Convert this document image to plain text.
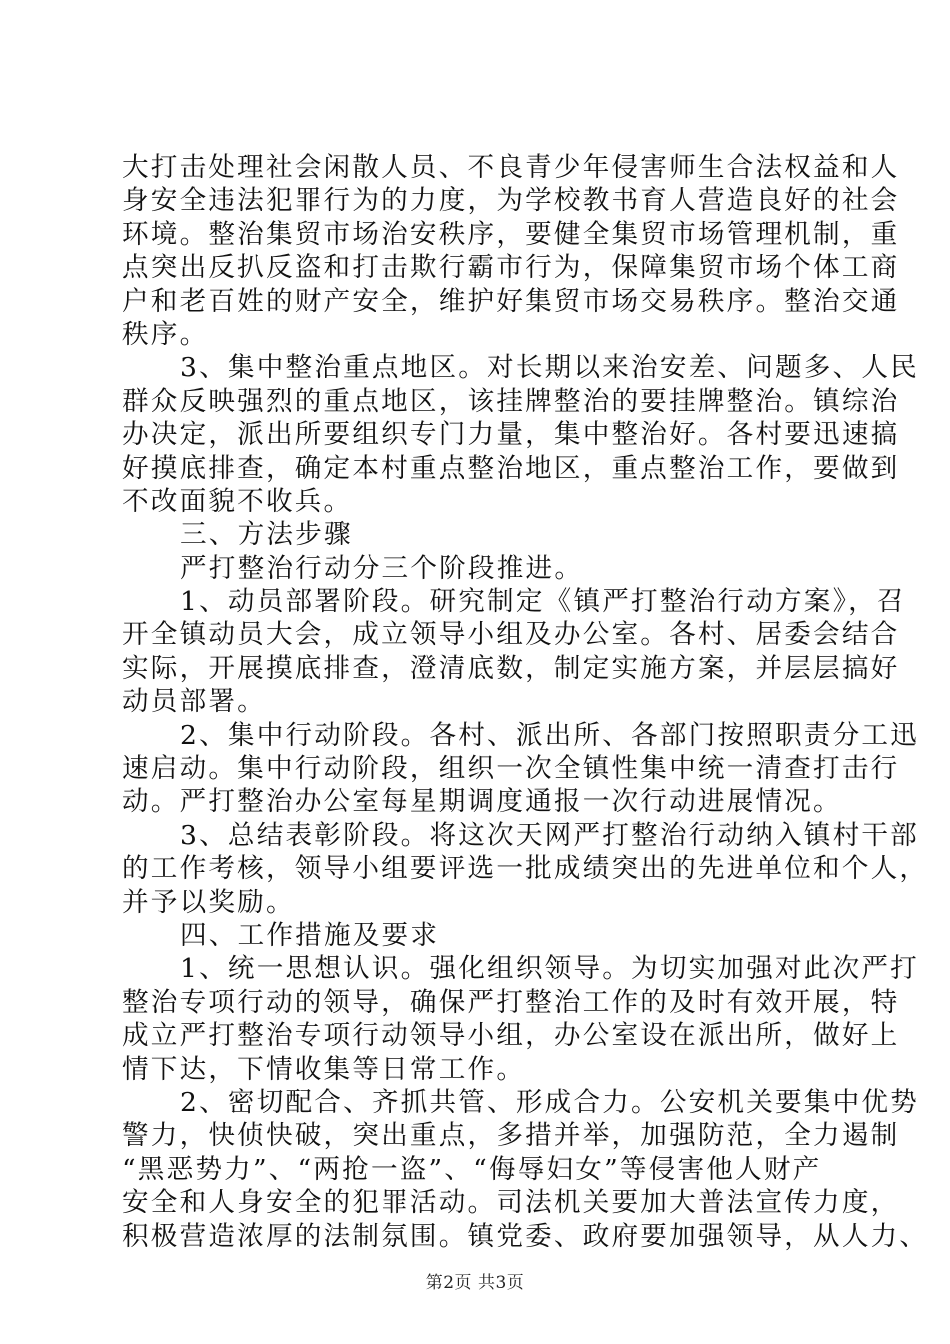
大打击处理社会闲散人员、不良青少年侵害师生合法权益和人
身安全违法犯罪行为的力度，为学校教书育人营造良好的社会
环境。整治集贸市场治安秩序，要健全集贸市场管理机制，重
点突出反扒反盗和打击欺行霸市行为，保障集贸市场个体工商
户和老百姓的财产安全，维护好集贸市场交易秩序。整治交通
秩序。
3、集中整治重点地区。对长期以来治安差、问题多、人民
群众反映强烈的重点地区，该挂牌整治的要挂牌整治。镇综治
办决定，派出所要组织专门力量，集中整治好。各村要迅速搞
好摸底排查，确定本村重点整治地区，重点整治工作，要做到
不改面貌不收兵。
三、方法步骤
严打整治行动分三个阶段推进。
1、动员部署阶段。研究制定《镇严打整治行动方案》，召
开全镇动员大会，成立领导小组及办公室。各村、居委会结合
实际，开展摸底排查，澄清底数，制定实施方案，并层层搞好
动员部署。
2、集中行动阶段。各村、派出所、各部门按照职责分工迅
速启动。集中行动阶段，组织一次全镇性集中统一清查打击行
动。严打整治办公室每星期调度通报一次行动进展情况。
3、总结表彰阶段。将这次天网严打整治行动纳入镇村干部
的工作考核，领导小组要评选一批成绩突出的先进单位和个人，
并予以奖励。
四、工作措施及要求
1、统一思想认识。强化组织领导。为切实加强对此次严打
整治专项行动的领导，确保严打整治工作的及时有效开展，特
成立严打整治专项行动领导小组，办公室设在派出所，做好上
情下达，下情收集等日常工作。
2、密切配合、齐抓共管、形成合力。公安机关要集中优势
警力，快侦快破，突出重点，多措并举，加强防范，全力遏制
“黑恶势力”、“两抢一盗”、“侮辱妇女”等侵害他人财产
安全和人身安全的犯罪活动。司法机关要加大普法宣传力度，
积极营造浓厚的法制氛围。镇党委、政府要加强领导，从人力、
第2页 共3页
